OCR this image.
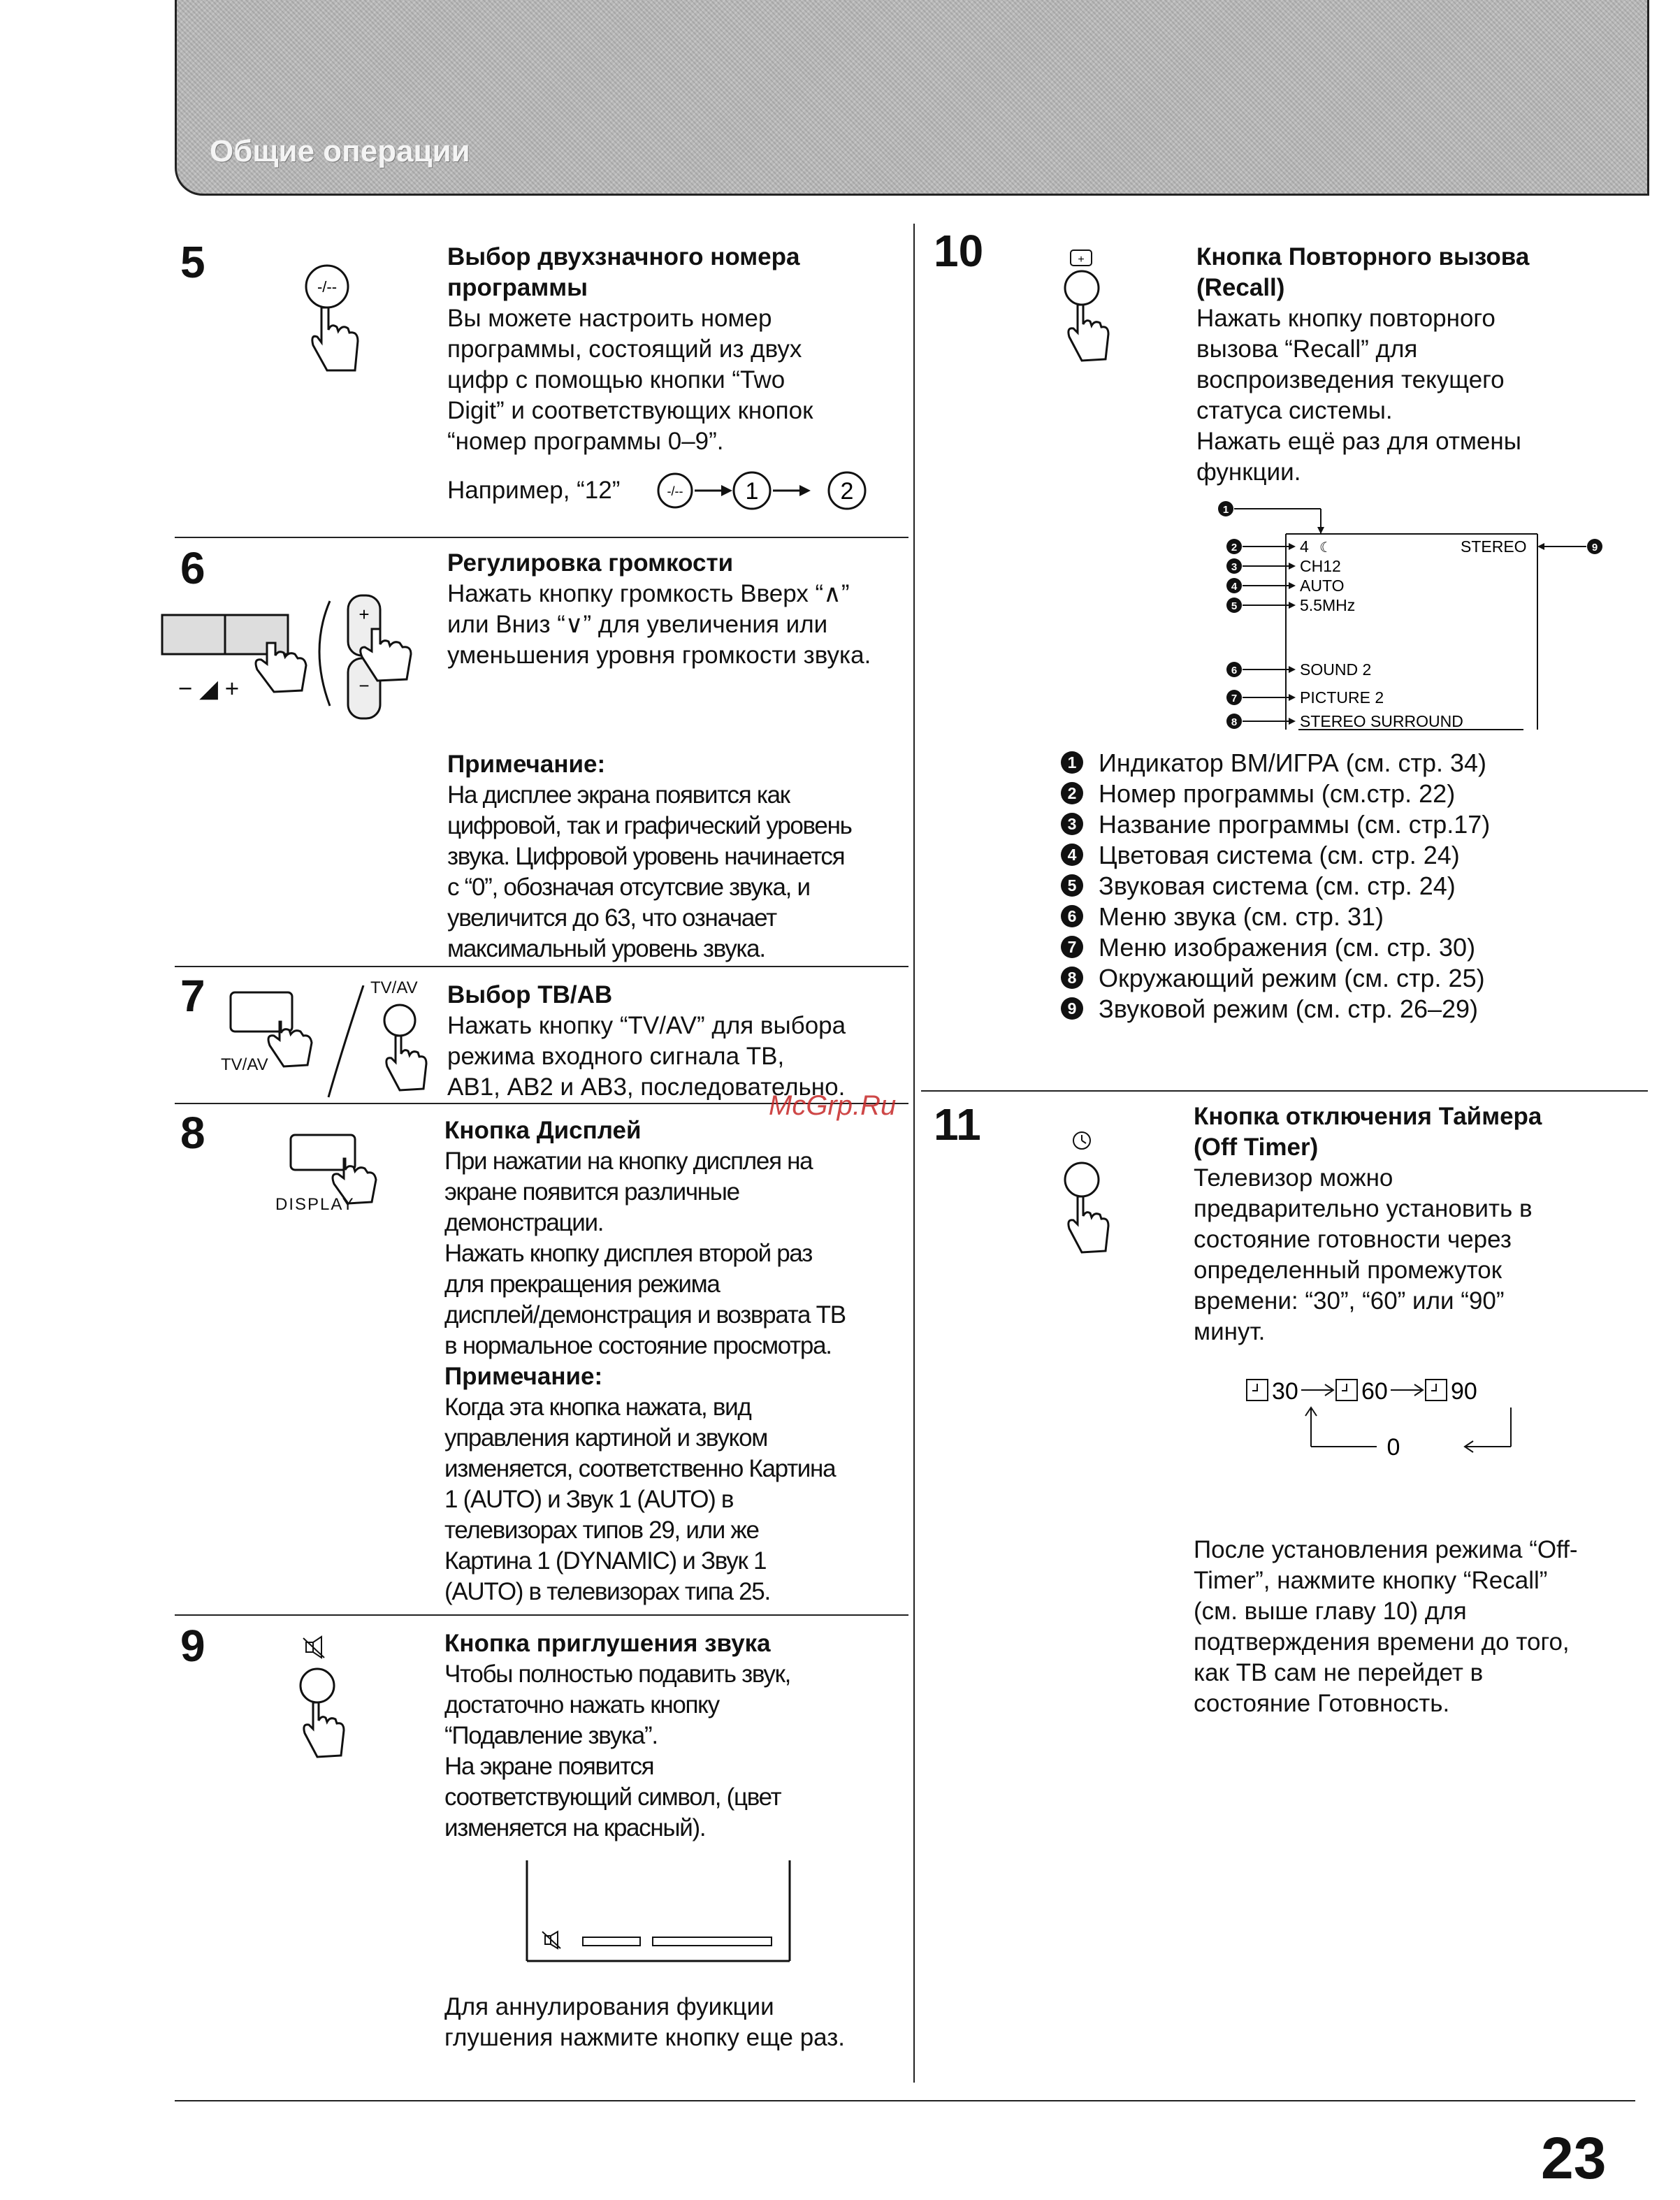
Общие операции
5	-/--
Выбор двухзначного номера
программы
Вы можете настроить номер
программы, состоящий из двух
цифр с помощью кнопки “Two
Digit” и соответствующих кнопок
“номер программы 0–9”.
Например, “12”	-/--	1	2
6
+
−
− ◢ +
Регулировка громкости
Нажать кнопку громкость Вверх “∧”
или Вниз “∨” для увеличения или
уменьшения уровня громкости звука.
Примечание:
На дисплее экрана появится как
цифровой, так и графический уровень
звука. Цифровой уровень начинается
с “0”, обозначая отсутсвие звука, и
увеличится до 63, что означает
максимальный уровень звука.
7
TV/AV
TV/AV Выбор ТВ/АВ
Нажать кнопку “TV/AV” для выбора
режима входного сигнала ТВ,
АВ1, АВ2 и АВ3, последовательно.
8
DISPLAY
Кнопка Дисплей
При нажатии на кнопку дисплея на
экране появится различные
демонстрации.
Нажать кнопку дисплея второй раз
для прекращения режима
дисплей/демонстрация и возврата ТВ
в нормальное состояние просмотра.
Примечание:
Когда эта кнопка нажата, вид
управления картиной и звуком
изменяется, соответственно Картина
1 (AUTO) и Звук 1 (AUTO) в
телевизорах типов 29, или же
Картина 1 (DYNAMIC) и Звук 1
(AUTO) в телевизорах типа 25.
9	Кнопка приглушения звука
Чтобы полностью подавить звук,
достаточно нажать кнопку
“Подавление звука”.
На экране появится
соответствующий символ, (цвет
изменяется на красный).
Для аннулирования фуикции
глушения нажмите кнопку еще раз.
10	+	Кнопка Повторного вызова
(Recall)
Нажать кнопку повторного
вызова “Recall” для
воспроизведения текущего
статуса системы.
Нажать ещё раз для отмены
функции.
1
2
3
4
5
6
7
8
9
4 ☾
CH12
AUTO
5.5MHz
STEREO
SOUND 2
PICTURE 2
STEREO SURROUND
1 Индикатор ВМ/ИГРА (см. стр. 34)
2 Номер программы (см.стр. 22)
3 Название программы (см. стр.17)
4 Цветовая система (см. стр. 24)
5 Звуковая система (см. стр. 24)
6 Меню звука (см. стр. 31)
7 Меню изображения (см. стр. 30)
8 Окружающий режим (см. стр. 25)
9 Звуковой режим (см. стр. 26–29)
11	Кнопка отключения Таймера
(Off Timer)
Телевизор можно
предварительно установить в
состояние готовности через
определенный промежуток
времени: “30”, “60” или “90”
минут.
30	60	90
0
После установления режима “Off-
Timer”, нажмите кнопку “Recall”
(см. выше главу 10) для
подтверждения времени до того,
как ТВ сам не перейдет в
состояние Готовность.
McGrp.Ru
23
